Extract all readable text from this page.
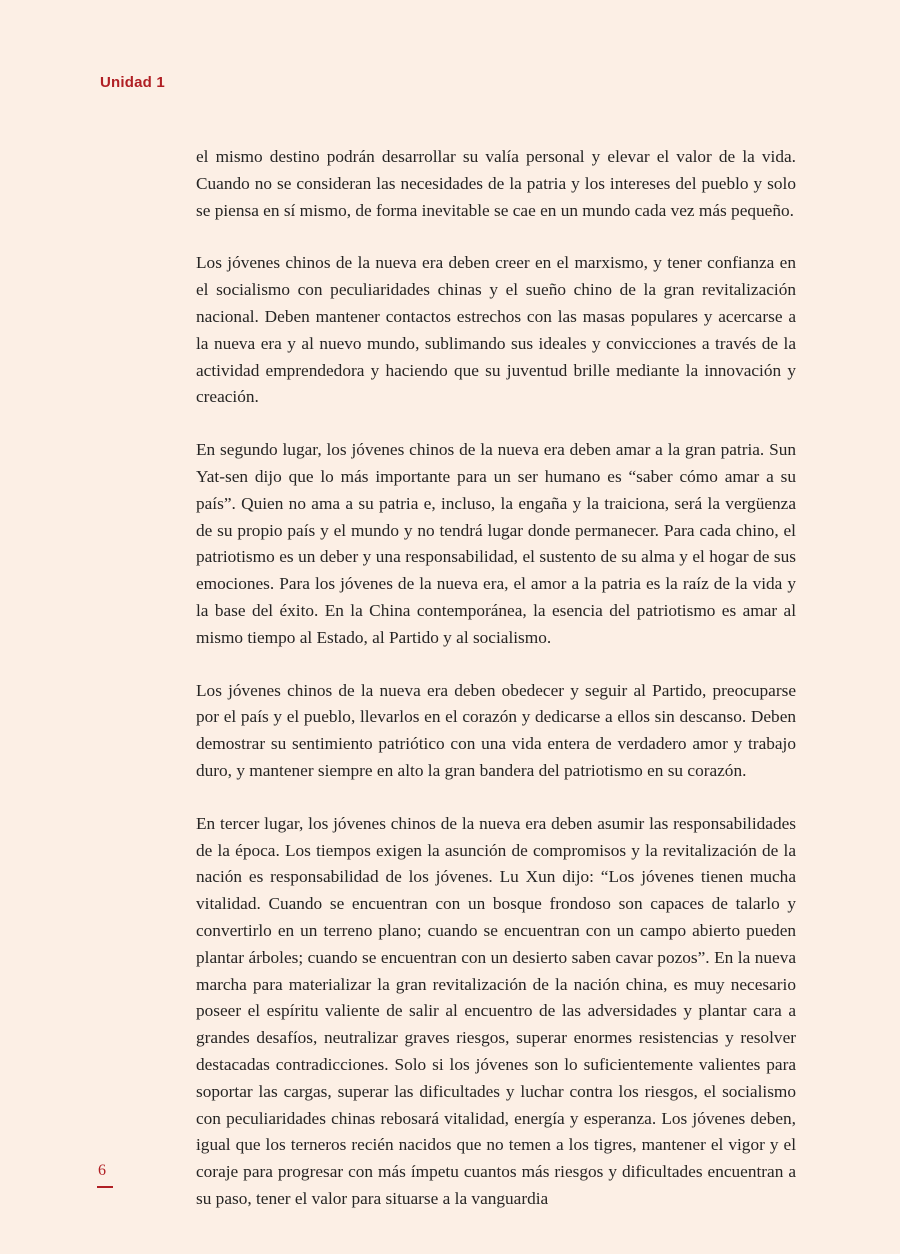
Unidad 1

el mismo destino podrán desarrollar su valía personal y elevar el valor de la vida. Cuando no se consideran las necesidades de la patria y los intereses del pueblo y solo se piensa en sí mismo, de forma inevitable se cae en un mundo cada vez más pequeño.

Los jóvenes chinos de la nueva era deben creer en el marxismo, y tener confianza en el socialismo con peculiaridades chinas y el sueño chino de la gran revitalización nacional. Deben mantener contactos estrechos con las masas populares y acercarse a la nueva era y al nuevo mundo, sublimando sus ideales y convicciones a través de la actividad emprendedora y haciendo que su juventud brille mediante la innovación y creación.

En segundo lugar, los jóvenes chinos de la nueva era deben amar a la gran patria. Sun Yat-sen dijo que lo más importante para un ser humano es “saber cómo amar a su país”. Quien no ama a su patria e, incluso, la engaña y la traiciona, será la vergüenza de su propio país y el mundo y no tendrá lugar donde permanecer. Para cada chino, el patriotismo es un deber y una responsabilidad, el sustento de su alma y el hogar de sus emociones. Para los jóvenes de la nueva era, el amor a la patria es la raíz de la vida y la base del éxito. En la China contemporánea, la esencia del patriotismo es amar al mismo tiempo al Estado, al Partido y al socialismo.

Los jóvenes chinos de la nueva era deben obedecer y seguir al Partido, preocuparse por el país y el pueblo, llevarlos en el corazón y dedicarse a ellos sin descanso. Deben demostrar su sentimiento patriótico con una vida entera de verdadero amor y trabajo duro, y mantener siempre en alto la gran bandera del patriotismo en su corazón.

En tercer lugar, los jóvenes chinos de la nueva era deben asumir las responsabilidades de la época. Los tiempos exigen la asunción de compromisos y la revitalización de la nación es responsabilidad de los jóvenes. Lu Xun dijo: “Los jóvenes tienen mucha vitalidad. Cuando se encuentran con un bosque frondoso son capaces de talarlo y convertirlo en un terreno plano; cuando se encuentran con un campo abierto pueden plantar árboles; cuando se encuentran con un desierto saben cavar pozos”. En la nueva marcha para materializar la gran revitalización de la nación china, es muy necesario poseer el espíritu valiente de salir al encuentro de las adversidades y plantar cara a grandes desafíos, neutralizar graves riesgos, superar enormes resistencias y resolver destacadas contradicciones. Solo si los jóvenes son lo suficientemente valientes para soportar las cargas, superar las dificultades y luchar contra los riesgos, el socialismo con peculiaridades chinas rebosará vitalidad, energía y esperanza. Los jóvenes deben, igual que los terneros recién nacidos que no temen a los tigres, mantener el vigor y el coraje para progresar con más ímpetu cuantos más riesgos y dificultades encuentran a su paso, tener el valor para situarse a la vanguardia

6
